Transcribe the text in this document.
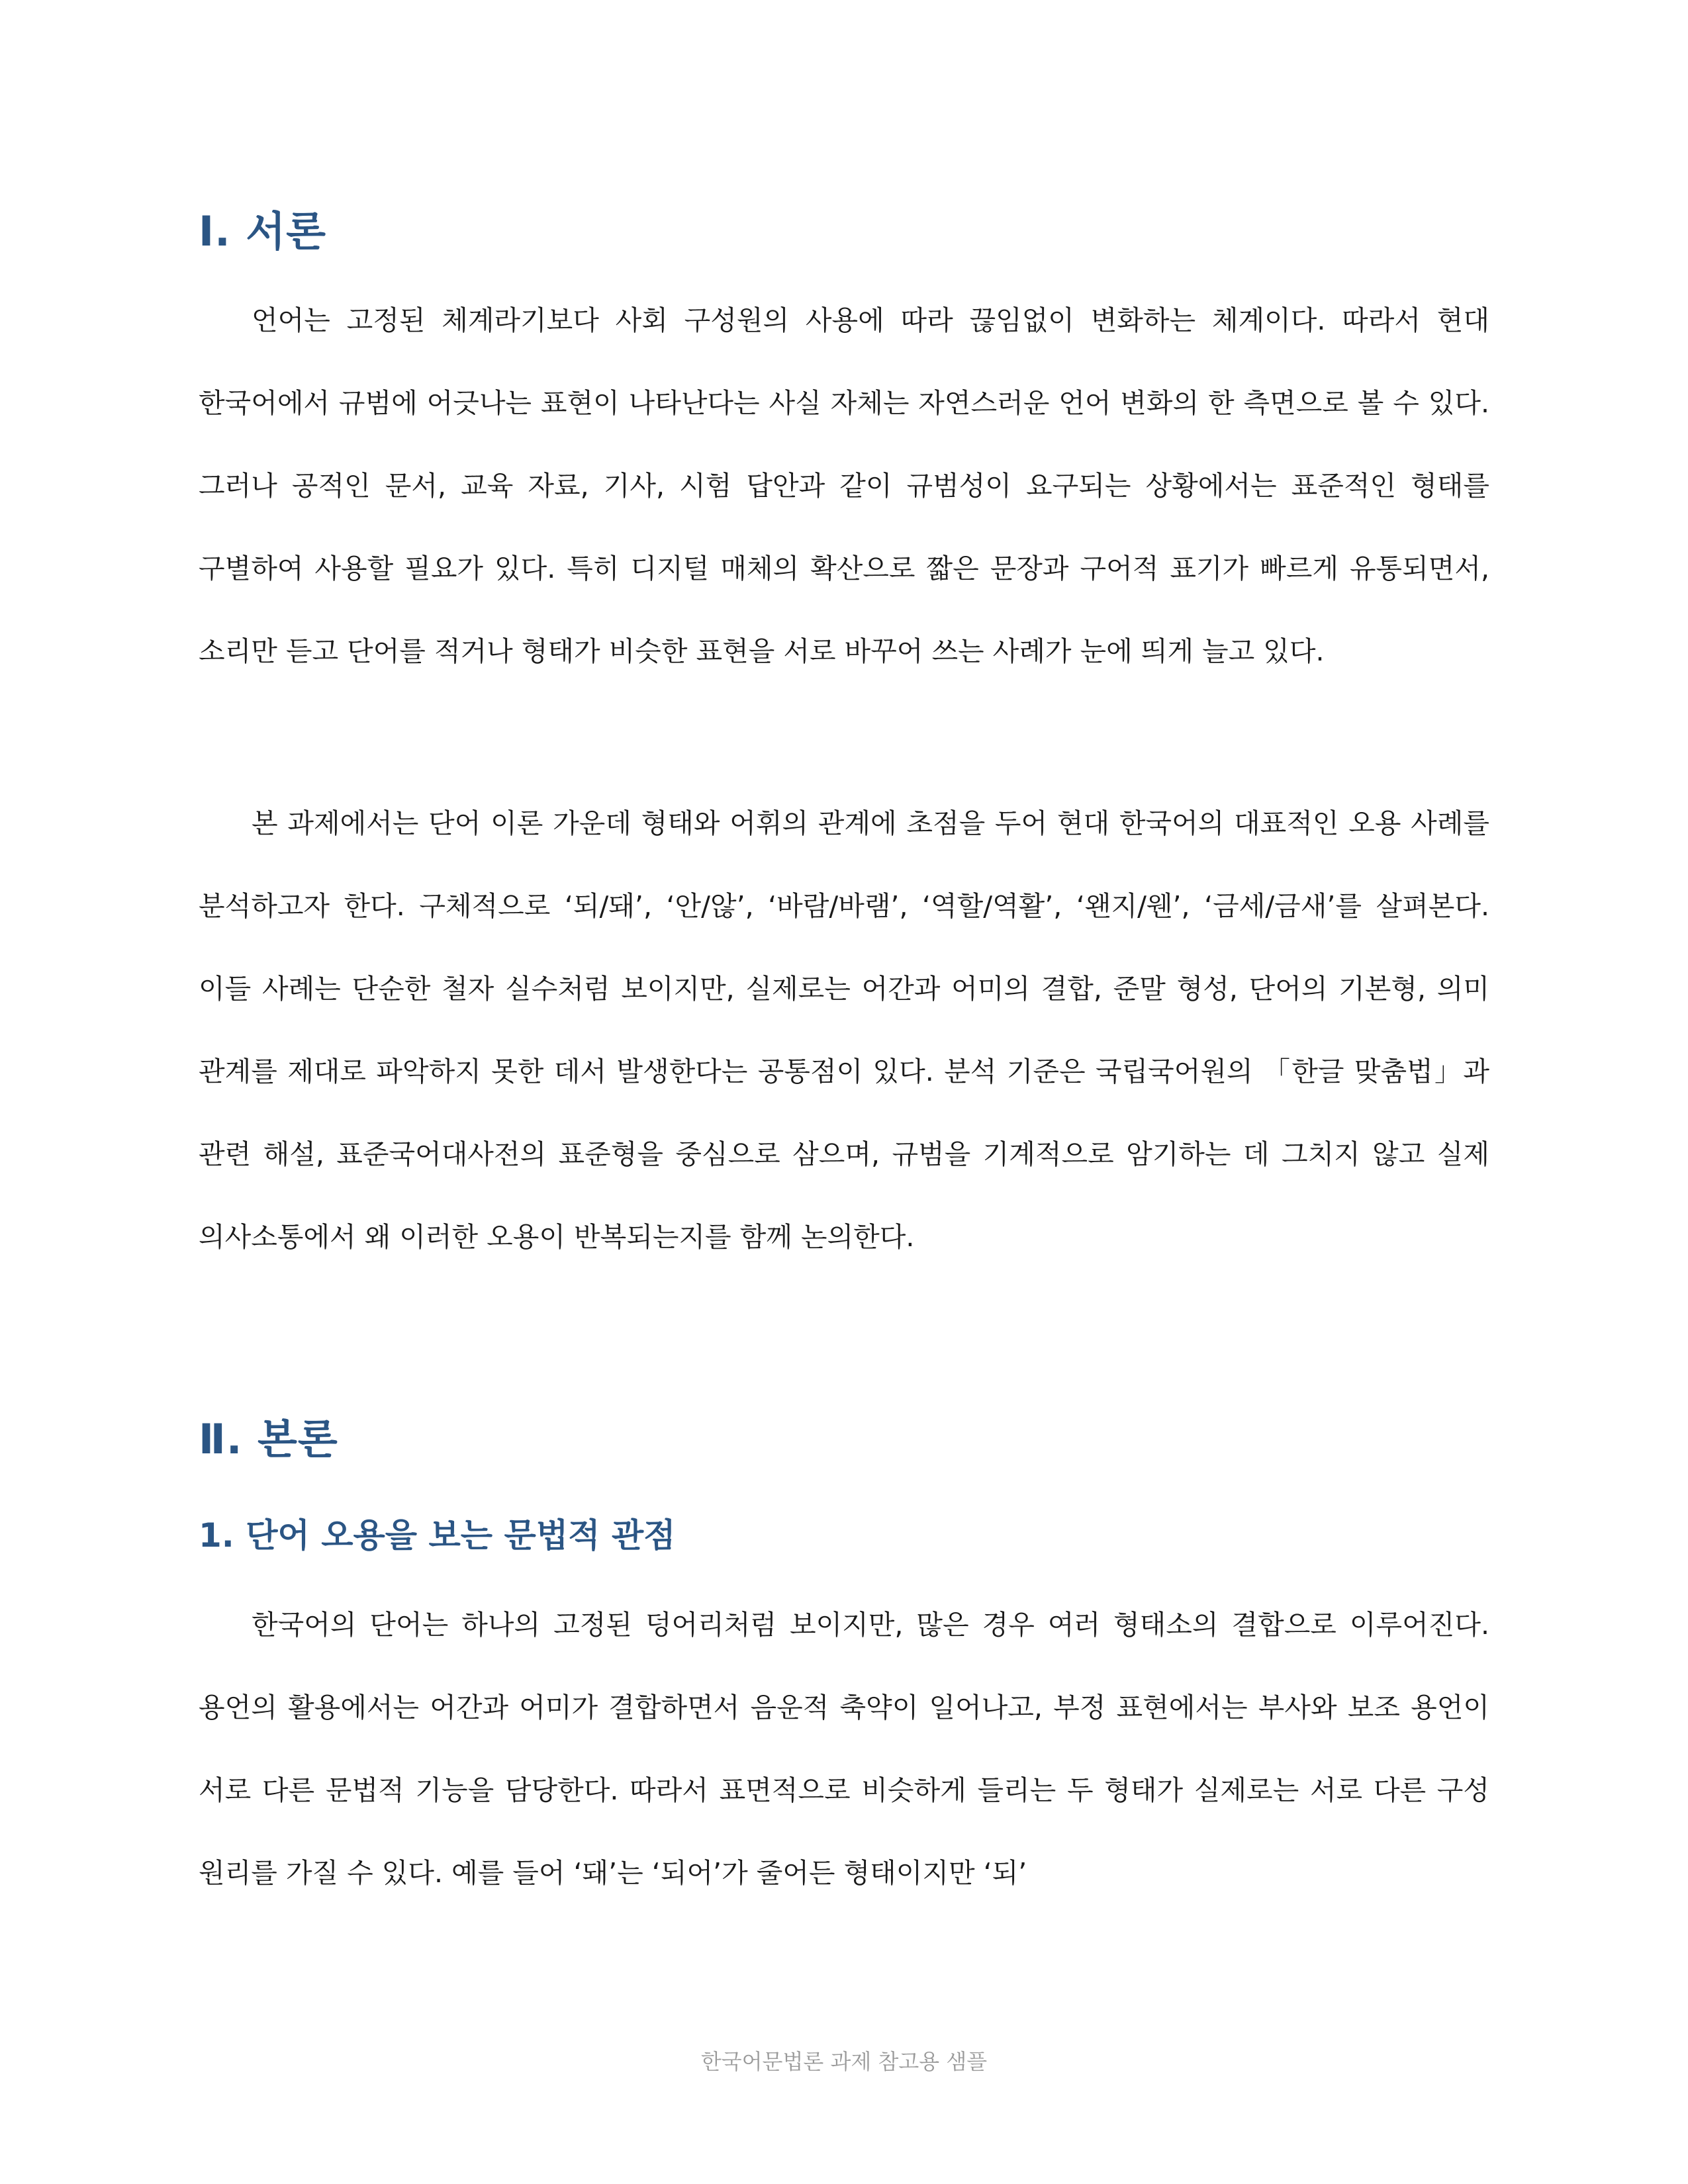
Ⅰ. 서론

언어는 고정된 체계라기보다 사회 구성원의 사용에 따라 끊임없이 변화하는 체계이다. 따라서 현대 한국어에서 규범에 어긋나는 표현이 나타난다는 사실 자체는 자연스러운 언어 변화의 한 측면으로 볼 수 있다. 그러나 공적인 문서, 교육 자료, 기사, 시험 답안과 같이 규범성이 요구되는 상황에서는 표준적인 형태를 구별하여 사용할 필요가 있다. 특히 디지털 매체의 확산으로 짧은 문장과 구어적 표기가 빠르게 유통되면서, 소리만 듣고 단어를 적거나 형태가 비슷한 표현을 서로 바꾸어 쓰는 사례가 눈에 띄게 늘고 있다.

본 과제에서는 단어 이론 가운데 형태와 어휘의 관계에 초점을 두어 현대 한국어의 대표적인 오용 사례를 분석하고자 한다. 구체적으로 ‘되/돼’, ‘안/않’, ‘바람/바램’, ‘역할/역활’, ‘왠지/웬’, ‘금세/금새’를 살펴본다. 이들 사례는 단순한 철자 실수처럼 보이지만, 실제로는 어간과 어미의 결합, 준말 형성, 단어의 기본형, 의미 관계를 제대로 파악하지 못한 데서 발생한다는 공통점이 있다. 분석 기준은 국립국어원의 「한글 맞춤법」과 관련 해설, 표준국어대사전의 표준형을 중심으로 삼으며, 규범을 기계적으로 암기하는 데 그치지 않고 실제 의사소통에서 왜 이러한 오용이 반복되는지를 함께 논의한다.

Ⅱ. 본론
1. 단어 오용을 보는 문법적 관점

한국어의 단어는 하나의 고정된 덩어리처럼 보이지만, 많은 경우 여러 형태소의 결합으로 이루어진다. 용언의 활용에서는 어간과 어미가 결합하면서 음운적 축약이 일어나고, 부정 표현에서는 부사와 보조 용언이 서로 다른 문법적 기능을 담당한다. 따라서 표면적으로 비슷하게 들리는 두 형태가 실제로는 서로 다른 구성 원리를 가질 수 있다. 예를 들어 ‘돼’는 ‘되어’가 줄어든 형태이지만 ‘되’

한국어문법론 과제 참고용 샘플
